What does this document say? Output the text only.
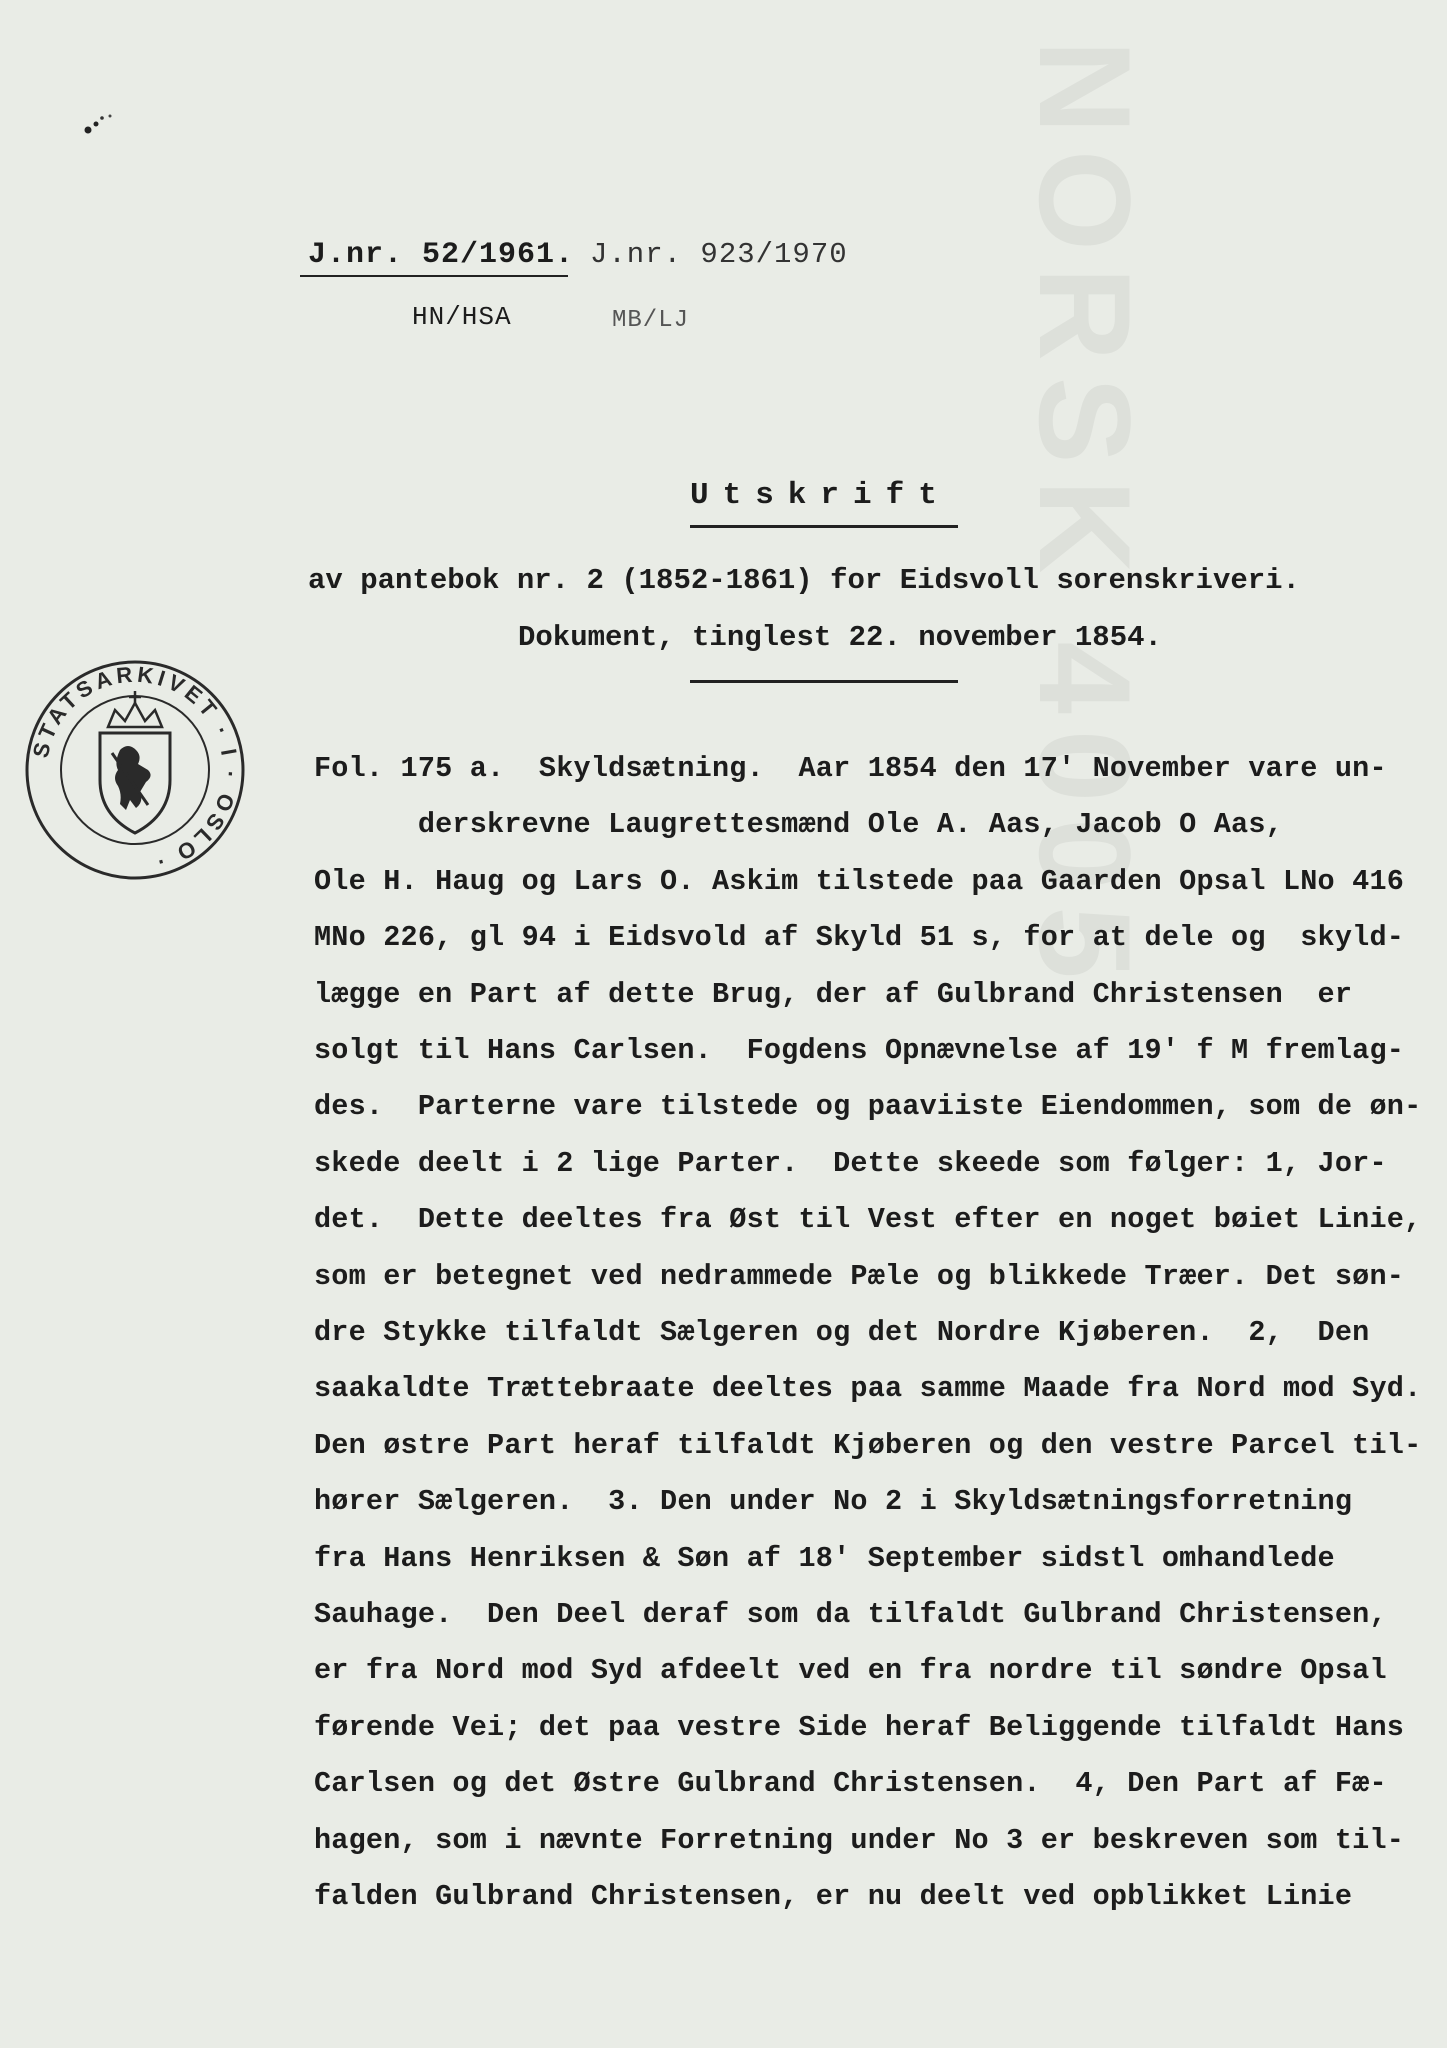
NORSK 4005
J.nr. 52/1961. J.nr. 923/1970
HN/HSA	MB/LJ
Utskrift
av pantebok nr. 2 (1852-1861) for Eidsvoll sorenskriveri.
Dokument, tinglest 22. november 1854.
STATSARKIVET · I · OSLO ·
Fol. 175 a.  Skyldsætning.  Aar 1854 den 17' November vare un-
derskrevne Laugrettesmænd Ole A. Aas, Jacob O Aas,
Ole H. Haug og Lars O. Askim tilstede paa Gaarden Opsal LNo 416
MNo 226, gl 94 i Eidsvold af Skyld 51 s, for at dele og  skyld-
lægge en Part af dette Brug, der af Gulbrand Christensen  er
solgt til Hans Carlsen.  Fogdens Opnævnelse af 19' f M fremlag-
des.  Parterne vare tilstede og paaviiste Eiendommen, som de øn-
skede deelt i 2 lige Parter.  Dette skeede som følger: 1, Jor-
det.  Dette deeltes fra Øst til Vest efter en noget bøiet Linie,
som er betegnet ved nedrammede Pæle og blikkede Træer. Det søn-
dre Stykke tilfaldt Sælgeren og det Nordre Kjøberen.  2,  Den
saakaldte Trættebraate deeltes paa samme Maade fra Nord mod Syd.
Den østre Part heraf tilfaldt Kjøberen og den vestre Parcel til-
hører Sælgeren.  3. Den under No 2 i Skyldsætningsforretning
fra Hans Henriksen & Søn af 18' September sidstl omhandlede
Sauhage.  Den Deel deraf som da tilfaldt Gulbrand Christensen,
er fra Nord mod Syd afdeelt ved en fra nordre til søndre Opsal
førende Vei; det paa vestre Side heraf Beliggende tilfaldt Hans
Carlsen og det Østre Gulbrand Christensen.  4, Den Part af Fæ-
hagen, som i nævnte Forretning under No 3 er beskreven som til-
falden Gulbrand Christensen, er nu deelt ved opblikket Linie
